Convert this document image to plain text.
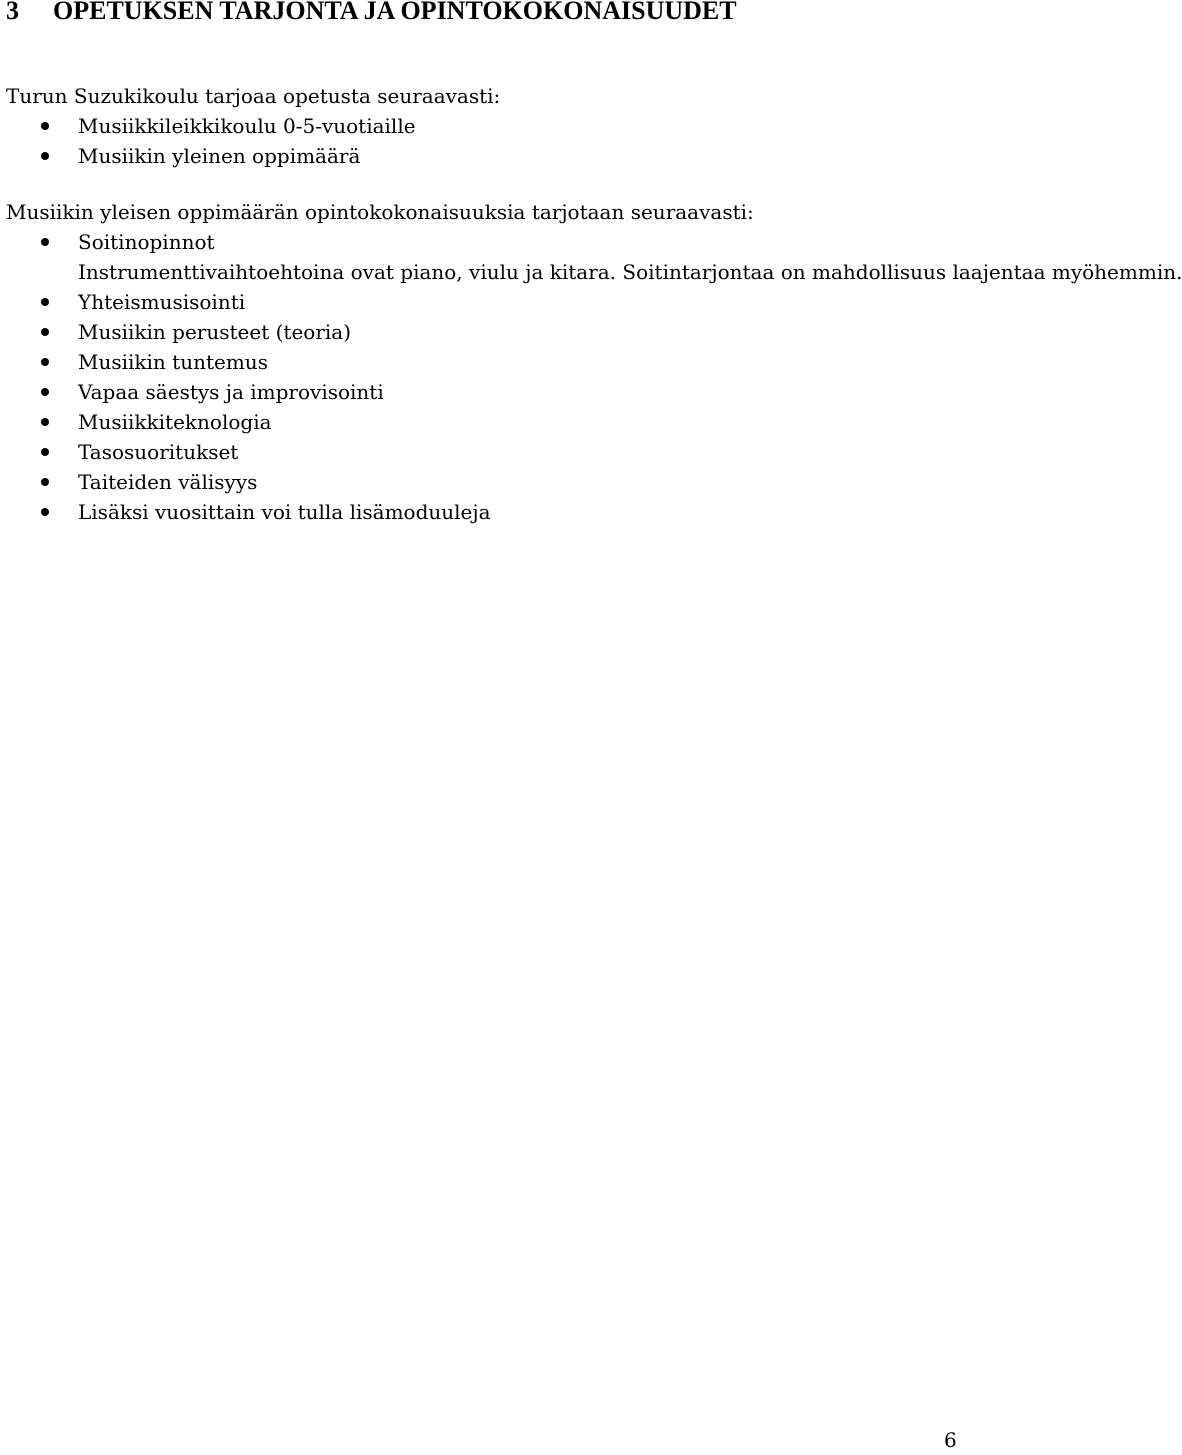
3 OPETUKSEN TARJONTA JA OPINTOKOKONAISUUDET
Turun Suzukikoulu tarjoaa opetusta seuraavasti:
Musiikkileikkikoulu 0-5-vuotiaille
Musiikin yleinen oppimäärä
Musiikin yleisen oppimäärän opintokokonaisuuksia tarjotaan seuraavasti:
Soitinopinnot
Instrumenttivaihtoehtoina ovat piano, viulu ja kitara. Soitintarjontaa on mahdollisuus laajentaa myöhemmin.
Yhteismusisointi
Musiikin perusteet (teoria)
Musiikin tuntemus
Vapaa säestys ja improvisointi
Musiikkiteknologia
Tasosuoritukset
Taiteiden välisyys
Lisäksi vuosittain voi tulla lisämoduuleja
6
